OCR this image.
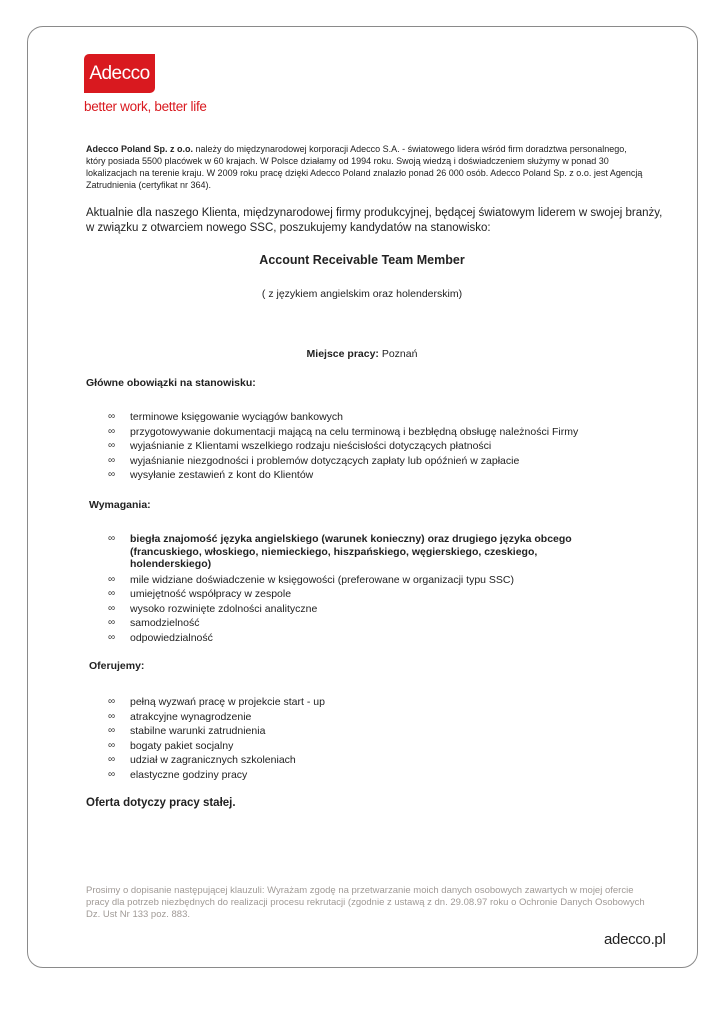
Adecco
better work, better life
Adecco Poland Sp. z o.o. należy do międzynarodowej korporacji Adecco S.A. - światowego lidera wśród firm doradztwa personalnego, który posiada 5500 placówek w 60 krajach. W Polsce działamy od 1994 roku. Swoją wiedzą i doświadczeniem służymy w ponad 30 lokalizacjach na terenie kraju. W 2009 roku pracę dzięki Adecco Poland znalazło ponad 26 000 osób. Adecco Poland Sp. z o.o. jest Agencją Zatrudnienia (certyfikat nr 364).
Aktualnie dla naszego Klienta, międzynarodowej firmy produkcyjnej, będącej światowym liderem w swojej branży, w związku z otwarciem nowego SSC, poszukujemy kandydatów na stanowisko:
Account Receivable Team Member
( z językiem angielskim oraz holenderskim)
Miejsce pracy: Poznań
Główne obowiązki na stanowisku:
∞ terminowe księgowanie wyciągów bankowych
∞ przygotowywanie dokumentacji mającą na celu terminową i bezbłędną obsługę należności Firmy
∞ wyjaśnianie z Klientami wszelkiego rodzaju nieścisłości dotyczących płatności
∞ wyjaśnianie niezgodności i problemów dotyczących zapłaty lub opóźnień w zapłacie
∞ wysyłanie zestawień z kont do Klientów
Wymagania:
∞ biegła znajomość języka angielskiego (warunek konieczny) oraz drugiego języka obcego (francuskiego, włoskiego, niemieckiego, hiszpańskiego, węgierskiego, czeskiego, holenderskiego)
∞ mile widziane doświadczenie w księgowości (preferowane w organizacji typu SSC)
∞ umiejętność współpracy w zespole
∞ wysoko rozwinięte zdolności analityczne
∞ samodzielność
∞ odpowiedzialność
Oferujemy:
∞ pełną wyzwań pracę w projekcie start - up
∞ atrakcyjne wynagrodzenie
∞ stabilne warunki zatrudnienia
∞ bogaty pakiet socjalny
∞ udział w zagranicznych szkoleniach
∞ elastyczne godziny pracy
Oferta dotyczy pracy stałej.
Prosimy o dopisanie następującej klauzuli: Wyrażam zgodę na przetwarzanie moich danych osobowych zawartych w mojej ofercie pracy dla potrzeb niezbędnych do realizacji procesu rekrutacji (zgodnie z ustawą z dn. 29.08.97 roku o Ochronie Danych Osobowych Dz. Ust Nr 133 poz. 883.
adecco.pl
